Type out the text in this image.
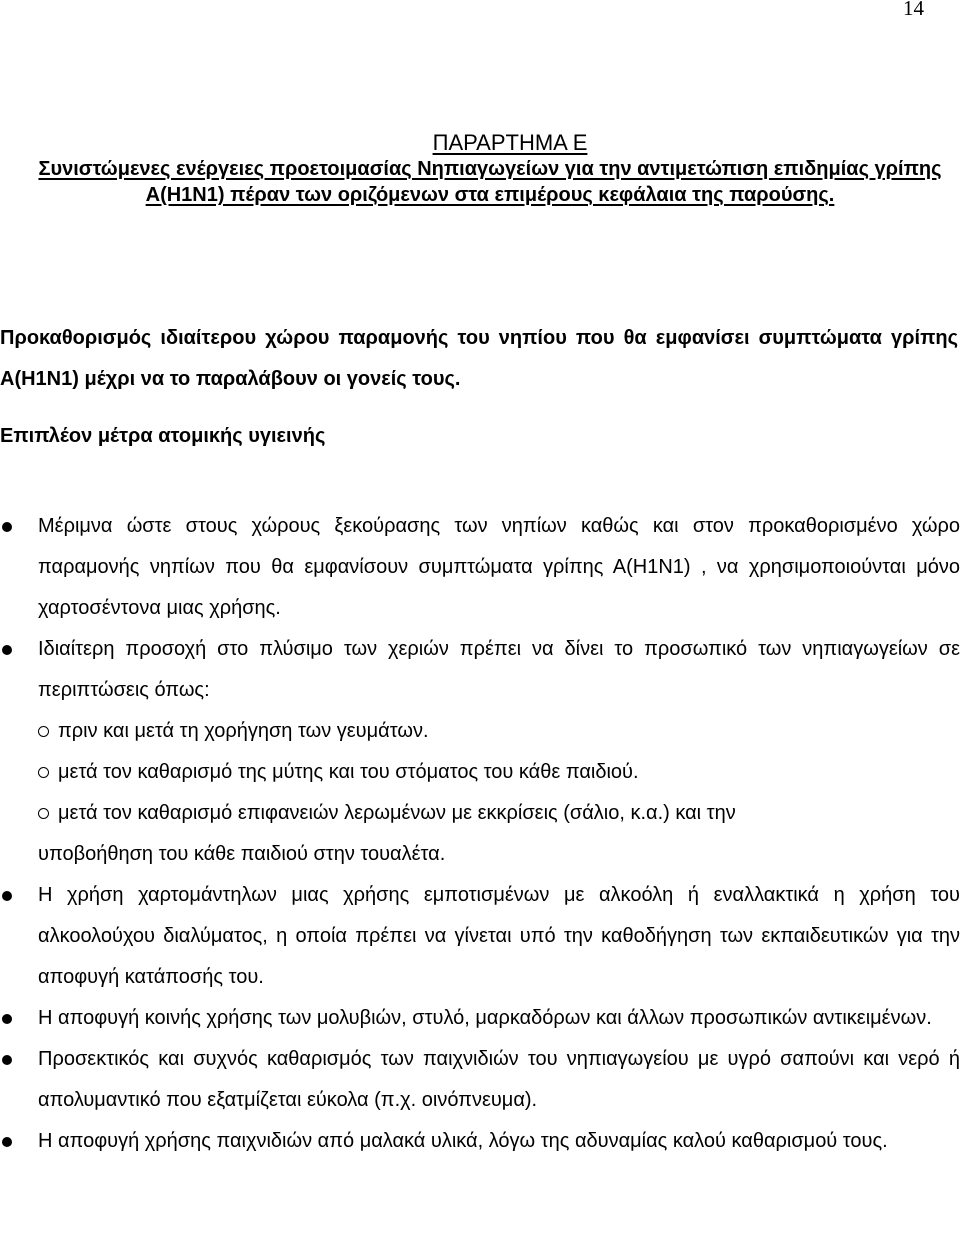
14
ΠΑΡΑΡΤΗΜΑ Ε
Συνιστώμενες ενέργειες προετοιμασίας Νηπιαγωγείων για την αντιμετώπιση επιδημίας γρίπης Α(Η1Ν1) πέραν των οριζόμενων στα επιμέρους κεφάλαια της παρούσης.

Προκαθορισμός ιδιαίτερου χώρου παραμονής του νηπίου που θα εμφανίσει συμπτώματα γρίπης Α(Η1Ν1) μέχρι να το παραλάβουν οι γονείς τους.

Επιπλέον μέτρα ατομικής υγιεινής
Μέριμνα ώστε στους χώρους ξεκούρασης των νηπίων καθώς και στον προκαθορισμένο χώρο παραμονής νηπίων που θα εμφανίσουν συμπτώματα γρίπης Α(Η1Ν1) , να χρησιμοποιούνται μόνο χαρτοσέντονα μιας χρήσης.
Ιδιαίτερη προσοχή στο πλύσιμο των χεριών πρέπει να δίνει το προσωπικό των νηπιαγωγείων σε περιπτώσεις όπως:
πριν και μετά τη χορήγηση των γευμάτων.
μετά τον καθαρισμό της μύτης και του στόματος του κάθε παιδιού.
μετά τον καθαρισμό επιφανειών λερωμένων με εκκρίσεις (σάλιο, κ.α.) και την
υποβοήθηση του κάθε παιδιού στην τουαλέτα.
Η χρήση χαρτομάντηλων μιας χρήσης εμποτισμένων με αλκοόλη ή εναλλακτικά η χρήση του αλκοολούχου διαλύματος, η οποία πρέπει να γίνεται υπό την καθοδήγηση των εκπαιδευτικών για την αποφυγή κατάποσής του.
Η αποφυγή κοινής χρήσης των μολυβιών, στυλό, μαρκαδόρων και άλλων προσωπικών αντικειμένων.
Προσεκτικός και συχνός καθαρισμός των παιχνιδιών του νηπιαγωγείου με υγρό σαπούνι και νερό ή απολυμαντικό που εξατμίζεται εύκολα (π.χ. οινόπνευμα).
Η αποφυγή χρήσης παιχνιδιών από μαλακά υλικά, λόγω της αδυναμίας καλού καθαρισμού τους.
